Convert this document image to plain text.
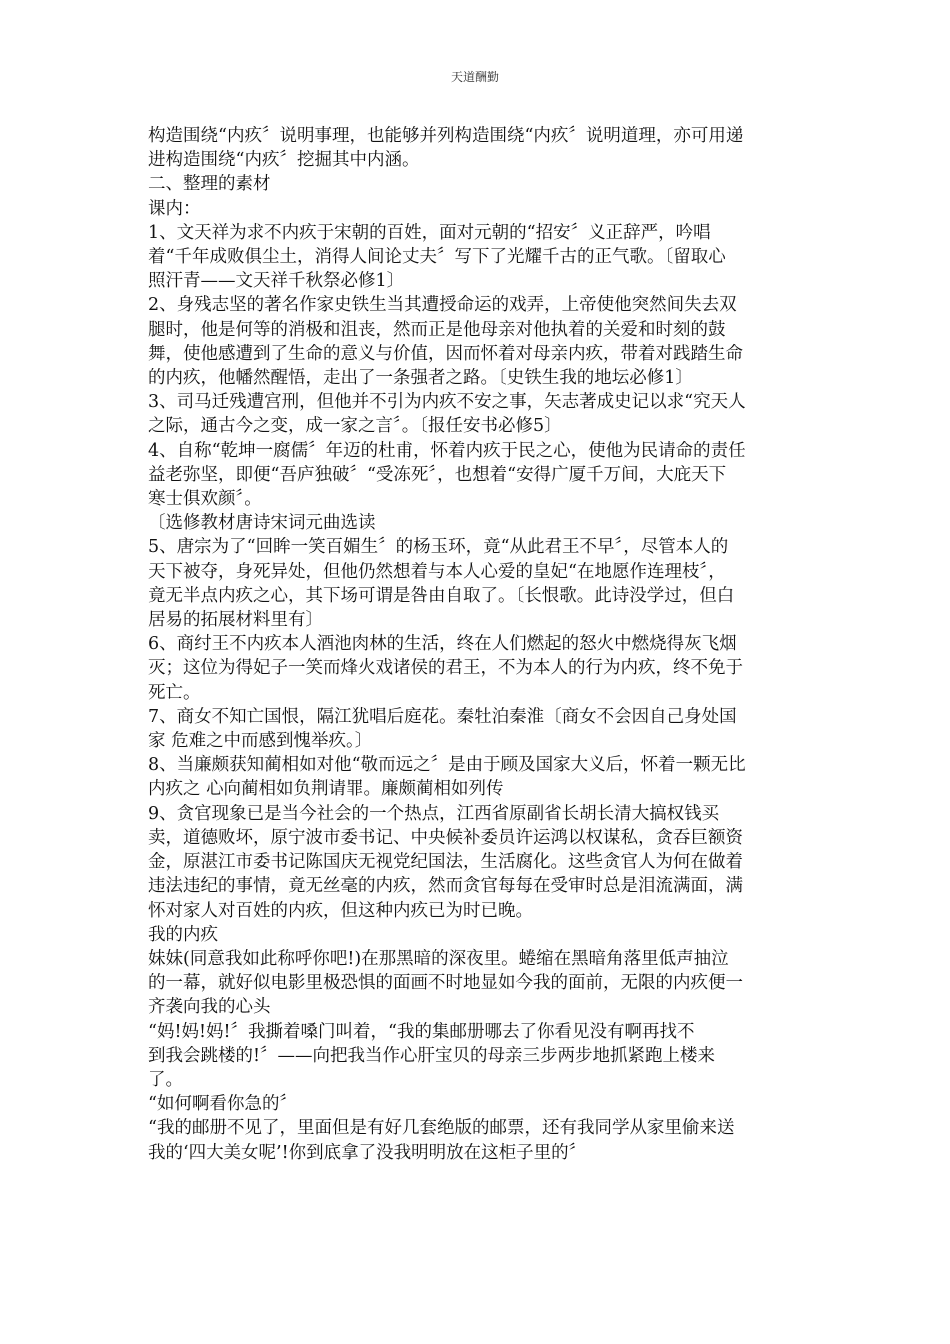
天道酬勤
构造围绕“内疚〞说明事理，也能够并列构造围绕“内疚〞说明道理，亦可用递
进构造围绕“内疚〞挖掘其中内涵。
二、整理的素材
课内：
1、文天祥为求不内疚于宋朝的百姓，面对元朝的“招安〞义正辞严，吟唱
着“千年成败俱尘土，消得人间论丈夫〞写下了光耀千古的正气歌。〔留取心
照汗青——文天祥千秋祭必修1〕
2、身残志坚的著名作家史铁生当其遭授命运的戏弄，上帝使他突然间失去双
腿时，他是何等的消极和沮丧，然而正是他母亲对他执着的关爱和时刻的鼓
舞，使他感遭到了生命的意义与价值，因而怀着对母亲内疚，带着对践踏生命
的内疚，他幡然醒悟，走出了一条强者之路。〔史铁生我的地坛必修1〕
3、司马迁残遭宫刑，但他并不引为内疚不安之事，矢志著成史记以求“究天人
之际，通古今之变，成一家之言〞。〔报任安书必修5〕
4、自称“乾坤一腐儒〞年迈的杜甫，怀着内疚于民之心，使他为民请命的责任
益老弥坚，即便“吾庐独破〞“受冻死〞，也想着“安得广厦千万间，大庇天下
寒士俱欢颜〞。
〔选修教材唐诗宋词元曲选读
5、唐宗为了“回眸一笑百媚生〞的杨玉环，竟“从此君王不早〞，尽管本人的
天下被夺，身死异处，但他仍然想着与本人心爱的皇妃“在地愿作连理枝〞，
竟无半点内疚之心，其下场可谓是咎由自取了。〔长恨歌。此诗没学过，但白
居易的拓展材料里有〕
6、商纣王不内疚本人酒池肉林的生活，终在人们燃起的怒火中燃烧得灰飞烟
灭；这位为得妃子一笑而烽火戏诸侯的君王，不为本人的行为内疚，终不免于
死亡。
7、商女不知亡国恨，隔江犹唱后庭花。秦牡泊秦淮〔商女不会因自己身处国
家 危难之中而感到愧举疚。〕
8、当廉颇获知蔺相如对他“敬而远之〞是由于顾及国家大义后，怀着一颗无比
内疚之 心向蔺相如负荆请罪。廉颇蔺相如列传
9、贪官现象已是当今社会的一个热点，江西省原副省长胡长清大搞权钱买
卖，道德败坏，原宁波市委书记、中央候补委员许运鸿以权谋私，贪吞巨额资
金，原湛江市委书记陈国庆无视党纪国法，生活腐化。这些贪官人为何在做着
违法违纪的事情，竟无丝毫的内疚，然而贪官每每在受审时总是泪流满面，满
怀对家人对百姓的内疚，但这种内疚已为时已晚。
我的内疚
妹妹(同意我如此称呼你吧!)在那黑暗的深夜里。蜷缩在黑暗角落里低声抽泣
的一幕，就好似电影里极恐惧的面画不时地显如今我的面前，无限的内疚便一
齐袭向我的心头
“妈!妈!妈!〞我撕着嗓门叫着，“我的集邮册哪去了你看见没有啊再找不
到我会跳楼的!〞——向把我当作心肝宝贝的母亲三步两步地抓紧跑上楼来
了。
“如何啊看你急的〞
“我的邮册不见了，里面但是有好几套绝版的邮票，还有我同学从家里偷来送
我的‘四大美女呢’!你到底拿了没我明明放在这柜子里的〞
